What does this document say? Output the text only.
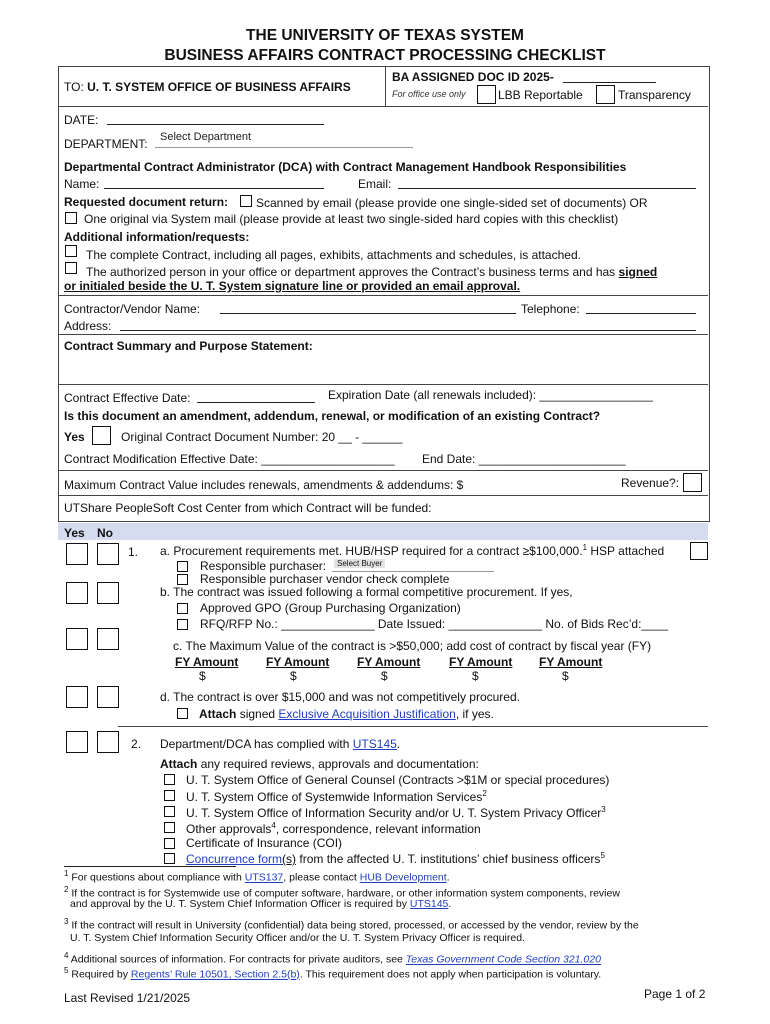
THE UNIVERSITY OF TEXAS SYSTEM
BUSINESS AFFAIRS CONTRACT PROCESSING CHECKLIST
TO: U. T. SYSTEM OFFICE OF BUSINESS AFFAIRS
BA ASSIGNED DOC ID 2025-
For office use only	LBB Reportable	Transparency
DATE:
DEPARTMENT: Select Department
Departmental Contract Administrator (DCA) with Contract Management Handbook Responsibilities
Name:	Email:
Requested document return: Scanned by email (please provide one single-sided set of documents) OR
One original via System mail (please provide at least two single-sided hard copies with this checklist)
Additional information/requests:
The complete Contract, including all pages, exhibits, attachments and schedules, is attached.
The authorized person in your office or department approves the Contract’s business terms and has signed
or initialed beside the U. T. System signature line or provided an email approval.
Contractor/Vendor Name:	Telephone:
Address:
Contract Summary and Purpose Statement:
Contract Effective Date:	Expiration Date (all renewals included): _________________
Is this document an amendment, addendum, renewal, or modification of an existing Contract?
Yes	Original Contract Document Number: 20 __ - ______
Contract Modification Effective Date: ____________________ End Date: ______________________
Maximum Contract Value includes renewals, amendments & addendums: $	Revenue?:
UTShare PeopleSoft Cost Center from which Contract will be funded:
Yes No
1. a. Procurement requirements met. HUB/HSP required for a contract ≥$100,000.$^1$ HSP attached
Responsible purchaser:	Select Buyer
Responsible purchaser vendor check complete
b. The contract was issued following a formal competitive procurement. If yes,
Approved GPO (Group Purchasing Organization)
RFQ/RFP No.: ______________ Date Issued: ______________ No. of Bids Rec’d:____
c. The Maximum Value of the contract is >$50,000; add cost of contract by fiscal year (FY)
FY Amount FY Amount FY Amount FY Amount FY Amount
$	$	$	$	$
d. The contract is over $15,000 and was not competitively procured.
Attach signed Exclusive Acquisition Justification, if yes.
2. Department/DCA has complied with UTS145.
Attach any required reviews, approvals and documentation:
U. T. System Office of General Counsel (Contracts >$1M or special procedures)
U. T. System Office of Systemwide Information Services$^2$
U. T. System Office of Information Security and/or U. T. System Privacy Officer$^3$
Other approvals$^4$, correspondence, relevant information
Certificate of Insurance (COI)
Concurrence form(s) from the affected U. T. institutions’ chief business officers$^5$
$^1$ For questions about compliance with UTS137, please contact HUB Development.
$^2$ If the contract is for Systemwide use of computer software, hardware, or other information system components, review
and approval by the U. T. System Chief Information Officer is required by UTS145.
$^3$ If the contract will result in University (confidential) data being stored, processed, or accessed by the vendor, review by the
U. T. System Chief Information Security Officer and/or the U. T. System Privacy Officer is required.
$^4$ Additional sources of information. For contracts for private auditors, see Texas Government Code Section 321.020
$^5$ Required by Regents’ Rule 10501, Section 2.5(b). This requirement does not apply when participation is voluntary.
Last Revised 1/21/2025	Page 1 of 2
